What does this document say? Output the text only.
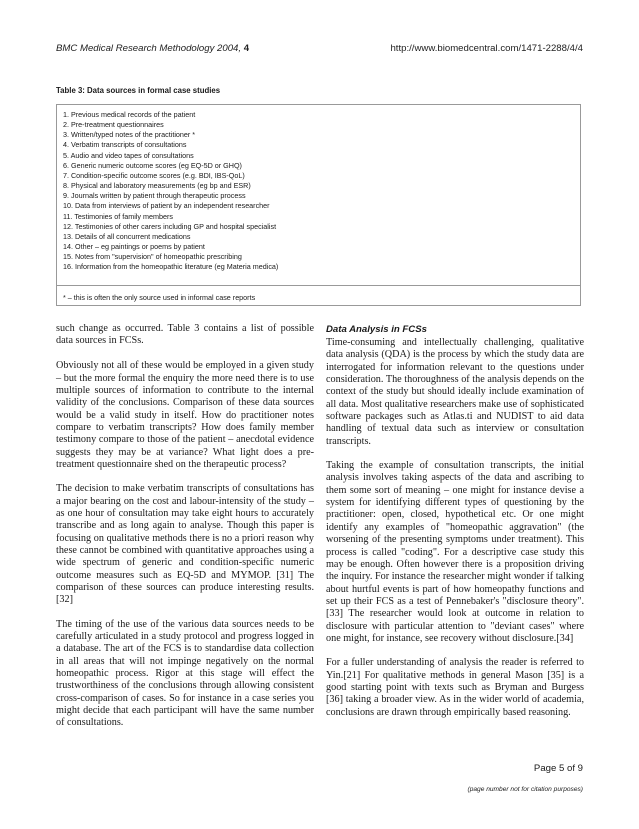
BMC Medical Research Methodology 2004, 4	http://www.biomedcentral.com/1471-2288/4/4
Table 3: Data sources in formal case studies
1. Previous medical records of the patient
2. Pre-treatment questionnaires
3. Written/typed notes of the practitioner *
4. Verbatim transcripts of consultations
5. Audio and video tapes of consultations
6. Generic numeric outcome scores (eg EQ-5D or GHQ)
7. Condition-specific outcome scores (e.g. BDI, IBS-QoL)
8. Physical and laboratory measurements (eg bp and ESR)
9. Journals written by patient through therapeutic process
10. Data from interviews of patient by an independent researcher
11. Testimonies of family members
12. Testimonies of other carers including GP and hospital specialist
13. Details of all concurrent medications
14. Other – eg paintings or poems by patient
15. Notes from "supervision" of homeopathic prescribing
16. Information from the homeopathic literature (eg Materia medica)
* – this is often the only source used in informal case reports

such change as occurred. Table 3 contains a list of possible data sources in FCSs.

Obviously not all of these would be employed in a given study – but the more formal the enquiry the more need there is to use multiple sources of information to contribute to the internal validity of the conclusions. Comparison of these data sources would be a valid study in itself. How do practitioner notes compare to verbatim transcripts? How does family member testimony compare to those of the patient – anecdotal evidence suggests they may be at variance? What light does a pre-treatment questionnaire shed on the therapeutic process?

The decision to make verbatim transcripts of consultations has a major bearing on the cost and labour-intensity of the study – as one hour of consultation may take eight hours to accurately transcribe and as long again to analyse. Though this paper is focusing on qualitative methods there is no a priori reason why these cannot be combined with quantitative approaches using a wide spectrum of generic and condition-specific numeric outcome measures such as EQ-5D and MYMOP. [31] The comparison of these sources can produce interesting results. [32]

The timing of the use of the various data sources needs to be carefully articulated in a study protocol and progress logged in a database. The art of the FCS is to standardise data collection in all areas that will not impinge negatively on the normal homeopathic process. Rigor at this stage will effect the trustworthiness of the conclusions through allowing consistent cross-comparison of cases. So for instance in a case series you might decide that each participant will have the same number of consultations.

Data Analysis in FCSs

Time-consuming and intellectually challenging, qualitative data analysis (QDA) is the process by which the study data are interrogated for information relevant to the questions under consideration. The thoroughness of the analysis depends on the context of the study but should ideally include examination of all data. Most qualitative researchers make use of sophisticated software packages such as Atlas.ti and NUDIST to aid data handling of textual data such as interview or consultation transcripts.

Taking the example of consultation transcripts, the initial analysis involves taking aspects of the data and ascribing to them some sort of meaning – one might for instance devise a system for identifying different types of questioning by the practitioner: open, closed, hypothetical etc. Or one might identify any examples of "homeopathic aggravation" (the worsening of the presenting symptoms under treatment). This process is called "coding". For a descriptive case study this may be enough. Often however there is a proposition driving the inquiry. For instance the researcher might wonder if talking about hurtful events is part of how homeopathy functions and set up their FCS as a test of Pennebaker's "disclosure theory". [33] The researcher would look at outcome in relation to disclosure with particular attention to "deviant cases" where one might, for instance, see recovery without disclosure.[34]

For a fuller understanding of analysis the reader is referred to Yin.[21] For qualitative methods in general Mason [35] is a good starting point with texts such as Bryman and Burgess [36] taking a broader view. As in the wider world of academia, conclusions are drawn through empirically based reasoning.

Page 5 of 9
(page number not for citation purposes)
